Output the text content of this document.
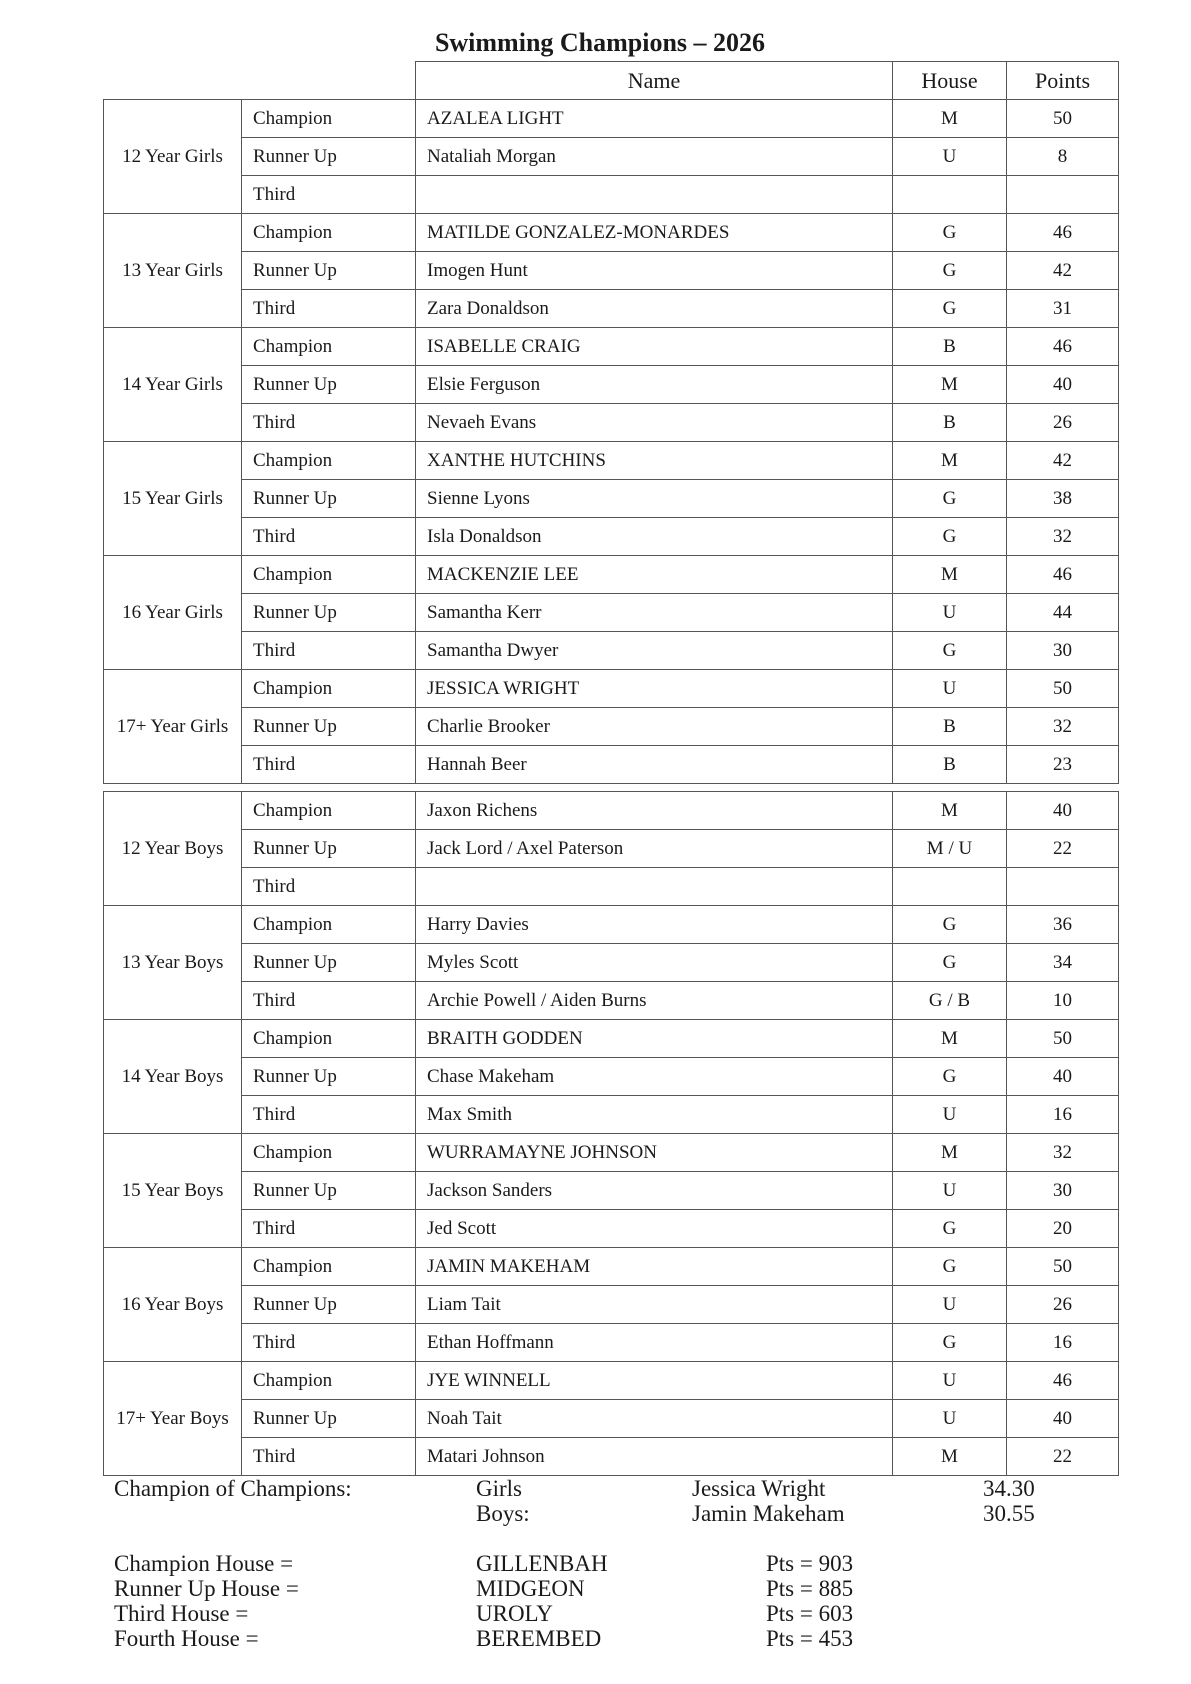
Swimming Champions – 2026
		Name	House	Points
12 Year Girls	Champion	AZALEA LIGHT	M	50
	Runner Up	Nataliah Morgan	U	8
	Third			
13 Year Girls	Champion	MATILDE GONZALEZ-MONARDES	G	46
	Runner Up	Imogen Hunt	G	42
	Third	Zara Donaldson	G	31
14 Year Girls	Champion	ISABELLE CRAIG	B	46
	Runner Up	Elsie Ferguson	M	40
	Third	Nevaeh Evans	B	26
15 Year Girls	Champion	XANTHE HUTCHINS	M	42
	Runner Up	Sienne Lyons	G	38
	Third	Isla Donaldson	G	32
16 Year Girls	Champion	MACKENZIE LEE	M	46
	Runner Up	Samantha Kerr	U	44
	Third	Samantha Dwyer	G	30
17+ Year Girls	Champion	JESSICA WRIGHT	U	50
	Runner Up	Charlie Brooker	B	32
	Third	Hannah Beer	B	23
12 Year Boys	Champion	Jaxon Richens	M	40
	Runner Up	Jack Lord / Axel Paterson	M / U	22
	Third			
13 Year Boys	Champion	Harry Davies	G	36
	Runner Up	Myles Scott	G	34
	Third	Archie Powell / Aiden Burns	G / B	10
14 Year Boys	Champion	BRAITH GODDEN	M	50
	Runner Up	Chase Makeham	G	40
	Third	Max Smith	U	16
15 Year Boys	Champion	WURRAMAYNE JOHNSON	M	32
	Runner Up	Jackson Sanders	U	30
	Third	Jed Scott	G	20
16 Year Boys	Champion	JAMIN MAKEHAM	G	50
	Runner Up	Liam Tait	U	26
	Third	Ethan Hoffmann	G	16
17+ Year Boys	Champion	JYE WINNELL	U	46
	Runner Up	Noah Tait	U	40
	Third	Matari Johnson	M	22
Champion of Champions:	Girls	Jessica Wright	34.30
Boys:	Jamin Makeham	30.55
Champion House =	GILLENBAH	Pts = 903
Runner Up House =	MIDGEON	Pts = 885
Third House =	UROLY	Pts = 603
Fourth House =	BEREMBED	Pts = 453
